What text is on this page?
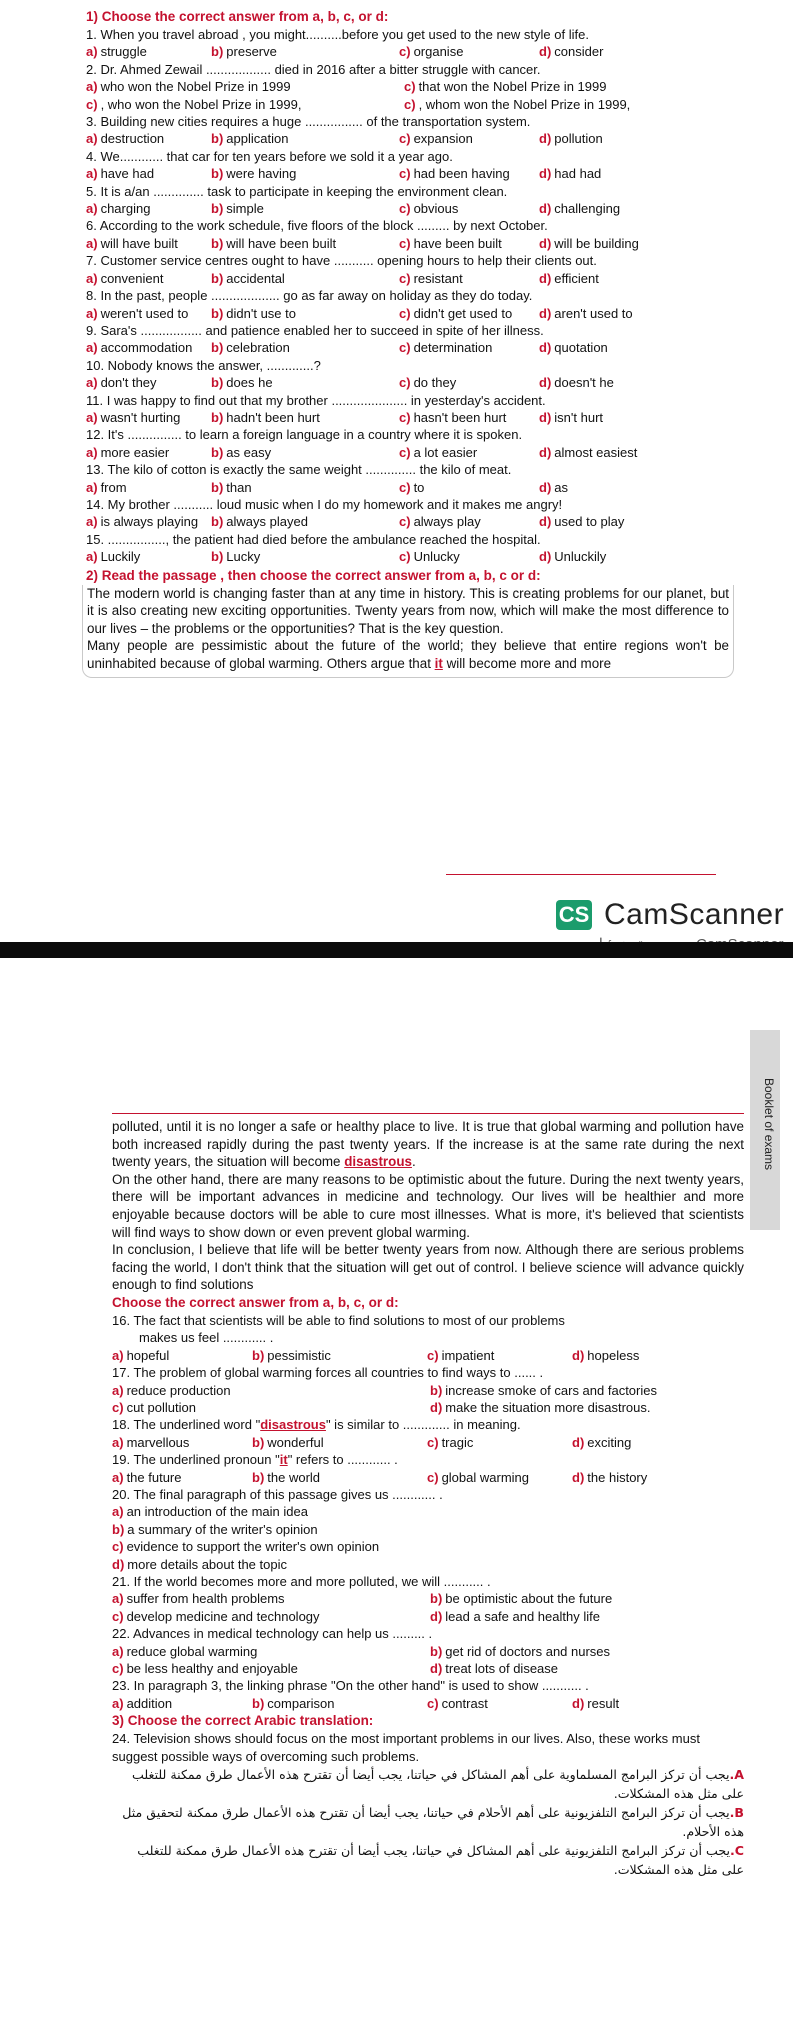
1) Choose the correct answer from a, b, c, or d:
1. When you travel abroad , you might..........before you get used to the new style of life.
a) struggle	b) preserve	c) organise	d) consider
2. Dr. Ahmed Zewail .................. died in 2016 after a bitter struggle with cancer.
a) who won the Nobel Prize in 1999	c) that won the Nobel Prize in 1999
c) , who won the Nobel Prize in 1999,	c) , whom won the Nobel Prize in 1999,
3. Building new cities requires a huge ................ of the transportation system.
a) destruction	b) application	c) expansion	d) pollution
4. We............ that car for ten years before we sold it a year ago.
a) have had	b) were having	c) had been having	d) had had
5. It is a/an .............. task to participate in keeping the environment clean.
a) charging	b) simple	c) obvious	d) challenging
6. According to the work schedule, five floors of the block ......... by next October.
a) will have built	b) will have been built	c) have been built	d) will be building
7. Customer service centres ought to have ........... opening hours to help their clients out.
a) convenient	b) accidental	c) resistant	d) efficient
8. In the past, people ................... go as far away on holiday as they do today.
a) weren't used to	b) didn't use to	c) didn't get used to	d) aren't used to
9. Sara's ................. and patience enabled her to succeed in spite of her illness.
a) accommodation	b) celebration	c) determination	d) quotation
10. Nobody knows the answer, .............?
a) don't they	b) does he	c) do they	d) doesn't he
11. I was happy to find out that my brother ..................... in yesterday's accident.
a) wasn't hurting	b) hadn't been hurt	c) hasn't been hurt	d) isn't hurt
12. It's ............... to learn a foreign language in a country where it is spoken.
a) more easier	b) as easy	c) a lot easier	d) almost easiest
13. The kilo of cotton is exactly the same weight .............. the kilo of meat.
a) from	b) than	c) to	d) as
14. My brother ........... loud music when I do my homework and it makes me angry!
a) is always playing b) always played	c) always play	d) used to play
15. ................, the patient had died before the ambulance reached the hospital.
a) Luckily	b) Lucky	c) Unlucky	d) Unluckily
2) Read the passage , then choose the correct answer from a, b, c or d:

The modern world is changing faster than at any time in history. This is creating problems for our planet, but it is also creating new exciting opportunities. Twenty years from now, which will make the most difference to our lives – the problems or the opportunities? That is the key question.

Many people are pessimistic about the future of the world; they believe that entire regions won't be uninhabited because of global warming. Others argue that it will become more and more

CS CamScanner
Booklet of exams

polluted, until it is no longer a safe or healthy place to live. It is true that global warming and pollution have both increased rapidly during the past twenty years. If the increase is at the same rate during the next twenty years, the situation will become disastrous.

On the other hand, there are many reasons to be optimistic about the future. During the next twenty years, there will be important advances in medicine and technology. Our lives will be healthier and more enjoyable because doctors will be able to cure most illnesses. What is more, it's believed that scientists will find ways to show down or even prevent global warming.

In conclusion, I believe that life will be better twenty years from now. Although there are serious problems facing the world, I don't think that the situation will get out of control. I believe science will advance quickly enough to find solutions

Choose the correct answer from a, b, c, or d:
16. The fact that scientists will be able to find solutions to most of our problems
makes us feel ............ .
a) hopeful	b) pessimistic	c) impatient	d) hopeless
17. The problem of global warming forces all countries to find ways to ...... .
a) reduce production	b) increase smoke of cars and factories
c) cut pollution	d) make the situation more disastrous.
18. The underlined word "disastrous" is similar to ............. in meaning.
a) marvellous	b) wonderful	c) tragic	d) exciting
19. The underlined pronoun "it" refers to ............ .
a) the future	b) the world	c) global warming	d) the history
20. The final paragraph of this passage gives us ............ .
a) an introduction of the main idea
b) a summary of the writer's opinion
c) evidence to support the writer's own opinion
d) more details about the topic
21. If the world becomes more and more polluted, we will ........... .
a) suffer from health problems	b) be optimistic about the future
c) develop medicine and technology	d) lead a safe and healthy life
22. Advances in medical technology can help us ......... .
a) reduce global warming	b) get rid of doctors and nurses
c) be less healthy and enjoyable	d) treat lots of disease
23. In paragraph 3, the linking phrase "On the other hand" is used to show ........... .
a) addition	b) comparison	c) contrast	d) result
3) Choose the correct Arabic translation:
24. Television shows should focus on the most important problems in our lives. Also, these works must suggest possible ways of overcoming such problems.
A.يجب أن تركز البرامج المسلماوية على أهم المشاكل في حياتنا، يجب أيضا أن تقترح هذه الأعمال طرق ممكنة للتغلب على مثل هذه المشكلات.
B.يجب أن تركز البرامج التلفزيونية على أهم الأحلام في حياتنا، يجب أيضا أن تقترح هذه الأعمال طرق ممكنة لتحقيق مثل هذه الأحلام.
C.يجب أن تركز البرامج التلفزيونية على أهم المشاكل في حياتنا، يجب أيضا أن تقترح هذه الأعمال طرق ممكنة للتغلب على مثل هذه المشكلات.
